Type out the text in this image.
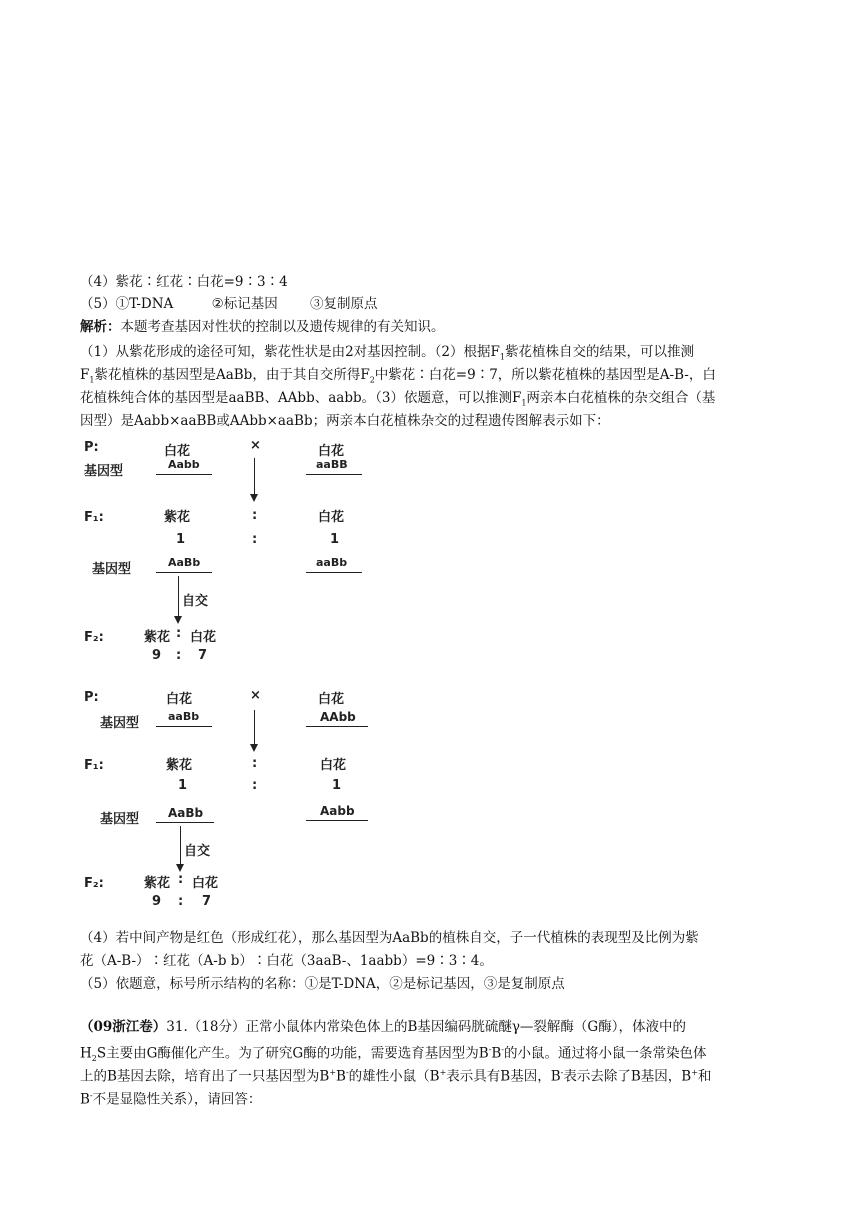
（4）紫花∶红花∶白花=9∶3∶4
（5）①T-DNA	②标记基因 ③复制原点
解析：本题考查基因对性状的控制以及遗传规律的有关知识。
（1）从紫花形成的途径可知，紫花性状是由2对基因控制。（2）根据$F_1$紫花植株自交的结果，可以推测
$F_1$紫花植株的基因型是AaBb，由于其自交所得$F_2$中紫花∶白花=9∶7，所以紫花植株的基因型是A-B-，白
花植株纯合体的基因型是aaBB、AAbb、aabb。（3）依题意，可以推测$F_1$两亲本白花植株的杂交组合（基
因型）是Aabb×aaBB或AAbb×aaBb；两亲本白花植株杂交的过程遗传图解表示如下：
P:	白花	×	白花
基因型	Aabb	aaBB
F₁:	紫花	:	白花
1	:	1
基因型	AaBb	aaBb
自交
F₂:	紫花 : 白花
9 : 7
P:	白花	×	白花
基因型	aaBb	AAbb
F₁:	紫花	:	白花
1	:	1
基因型 AaBb	Aabb
自交
F₂:	紫花 : 白花
9 : 7
（4）若中间产物是红色（形成红花），那么基因型为AaBb的植株自交，子一代植株的表现型及比例为紫
花（A-B-）∶红花（A-b b）∶白花（3aaB-、1aabb）=9∶3∶4。
（5）依题意，标号所示结构的名称：①是T-DNA，②是标记基因，③是复制原点
（09浙江卷）31.（18分）正常小鼠体内常染色体上的B基因编码胱硫醚γ—裂解酶（G酶），体液中的
$H_2S$主要由G酶催化产生。为了研究G酶的功能，需要选育基因型为B-B-的小鼠。通过将小鼠一条常染色体
上的B基因去除，培育出了一只基因型为B+B-的雄性小鼠（B+表示具有B基因，B-表示去除了B基因，B+和
B-不是显隐性关系），请回答：
